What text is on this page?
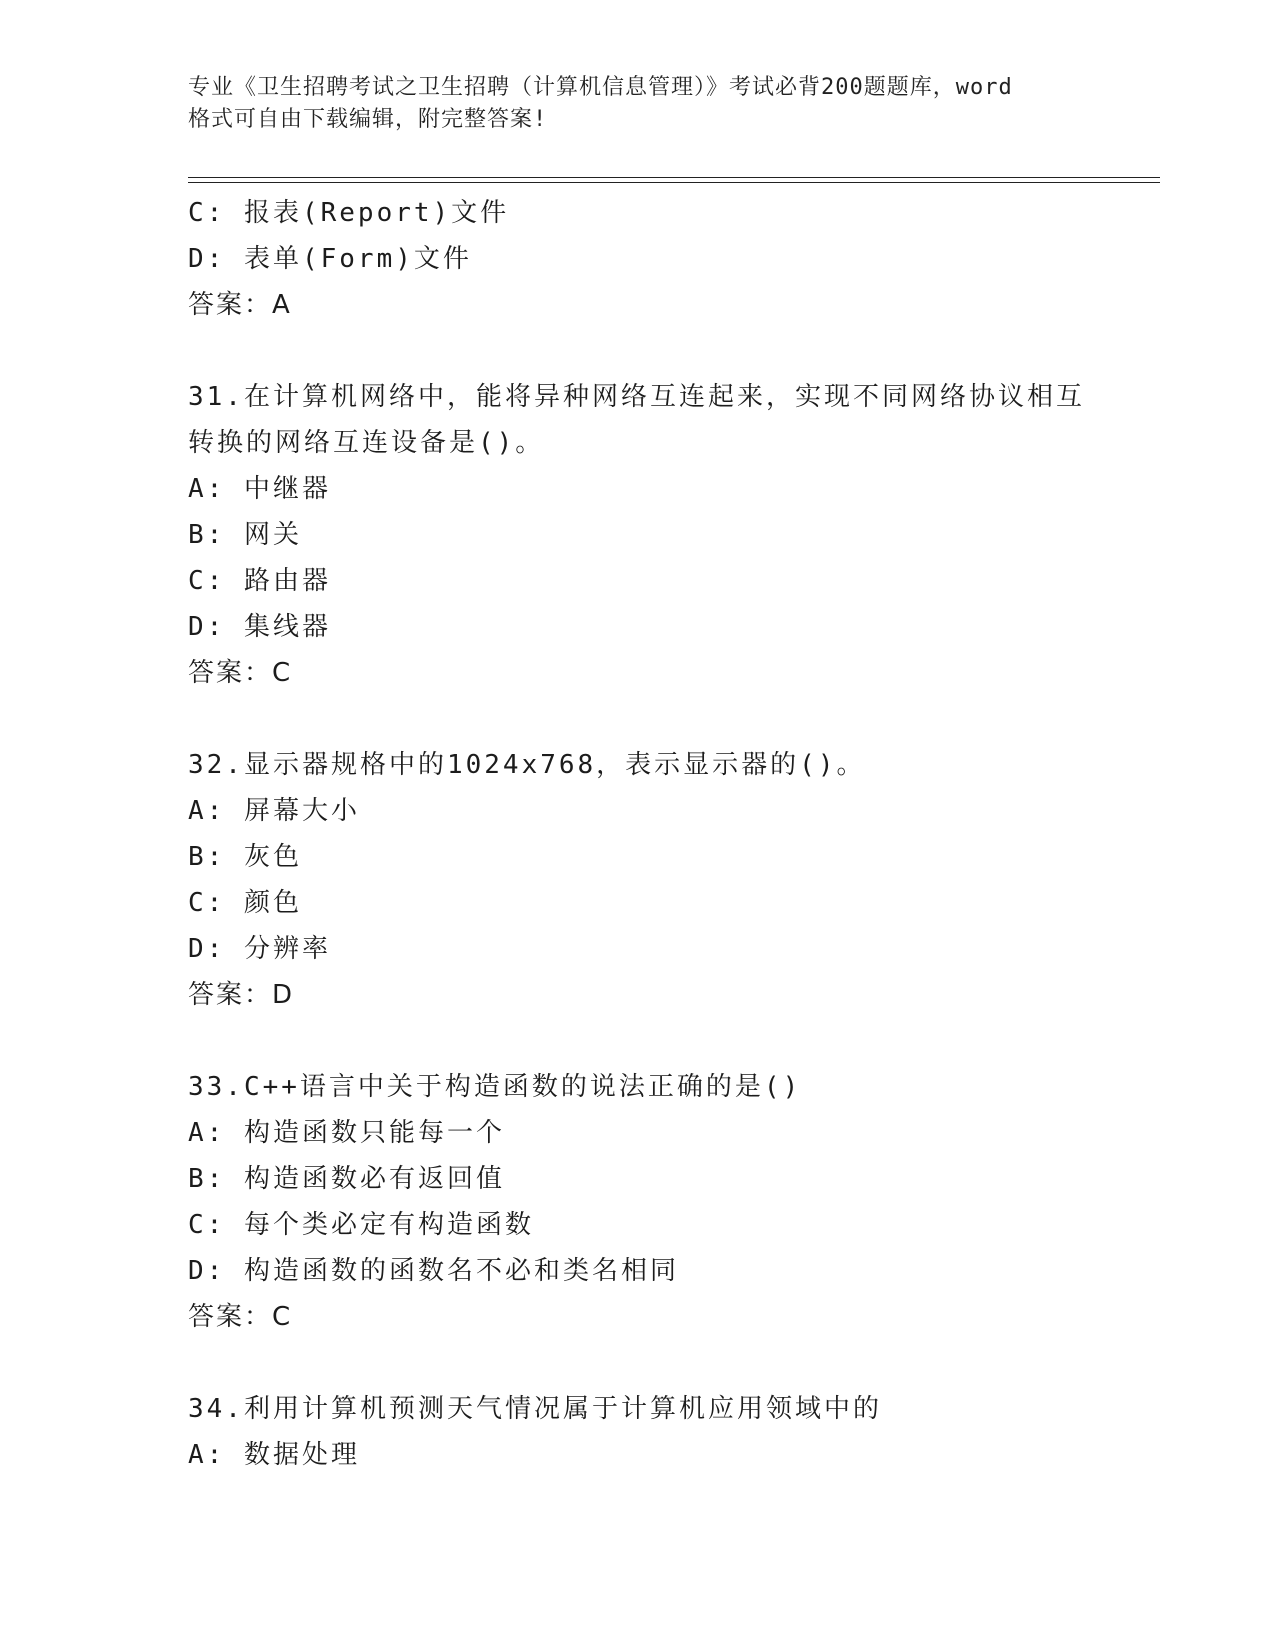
专业《卫生招聘考试之卫生招聘（计算机信息管理）》考试必背200题题库，word
格式可自由下载编辑，附完整答案!
C: 报表(Report)文件
D: 表单(Form)文件
答案：A
31.在计算机网络中，能将异种网络互连起来，实现不同网络协议相互
转换的网络互连设备是()。
A: 中继器
B: 网关
C: 路由器
D: 集线器
答案：C
32.显示器规格中的1024x768，表示显示器的()。
A: 屏幕大小
B: 灰色
C: 颜色
D: 分辨率
答案：D
33.C++语言中关于构造函数的说法正确的是()
A: 构造函数只能每一个
B: 构造函数必有返回值
C: 每个类必定有构造函数
D: 构造函数的函数名不必和类名相同
答案：C
34.利用计算机预测天气情况属于计算机应用领域中的
A: 数据处理
